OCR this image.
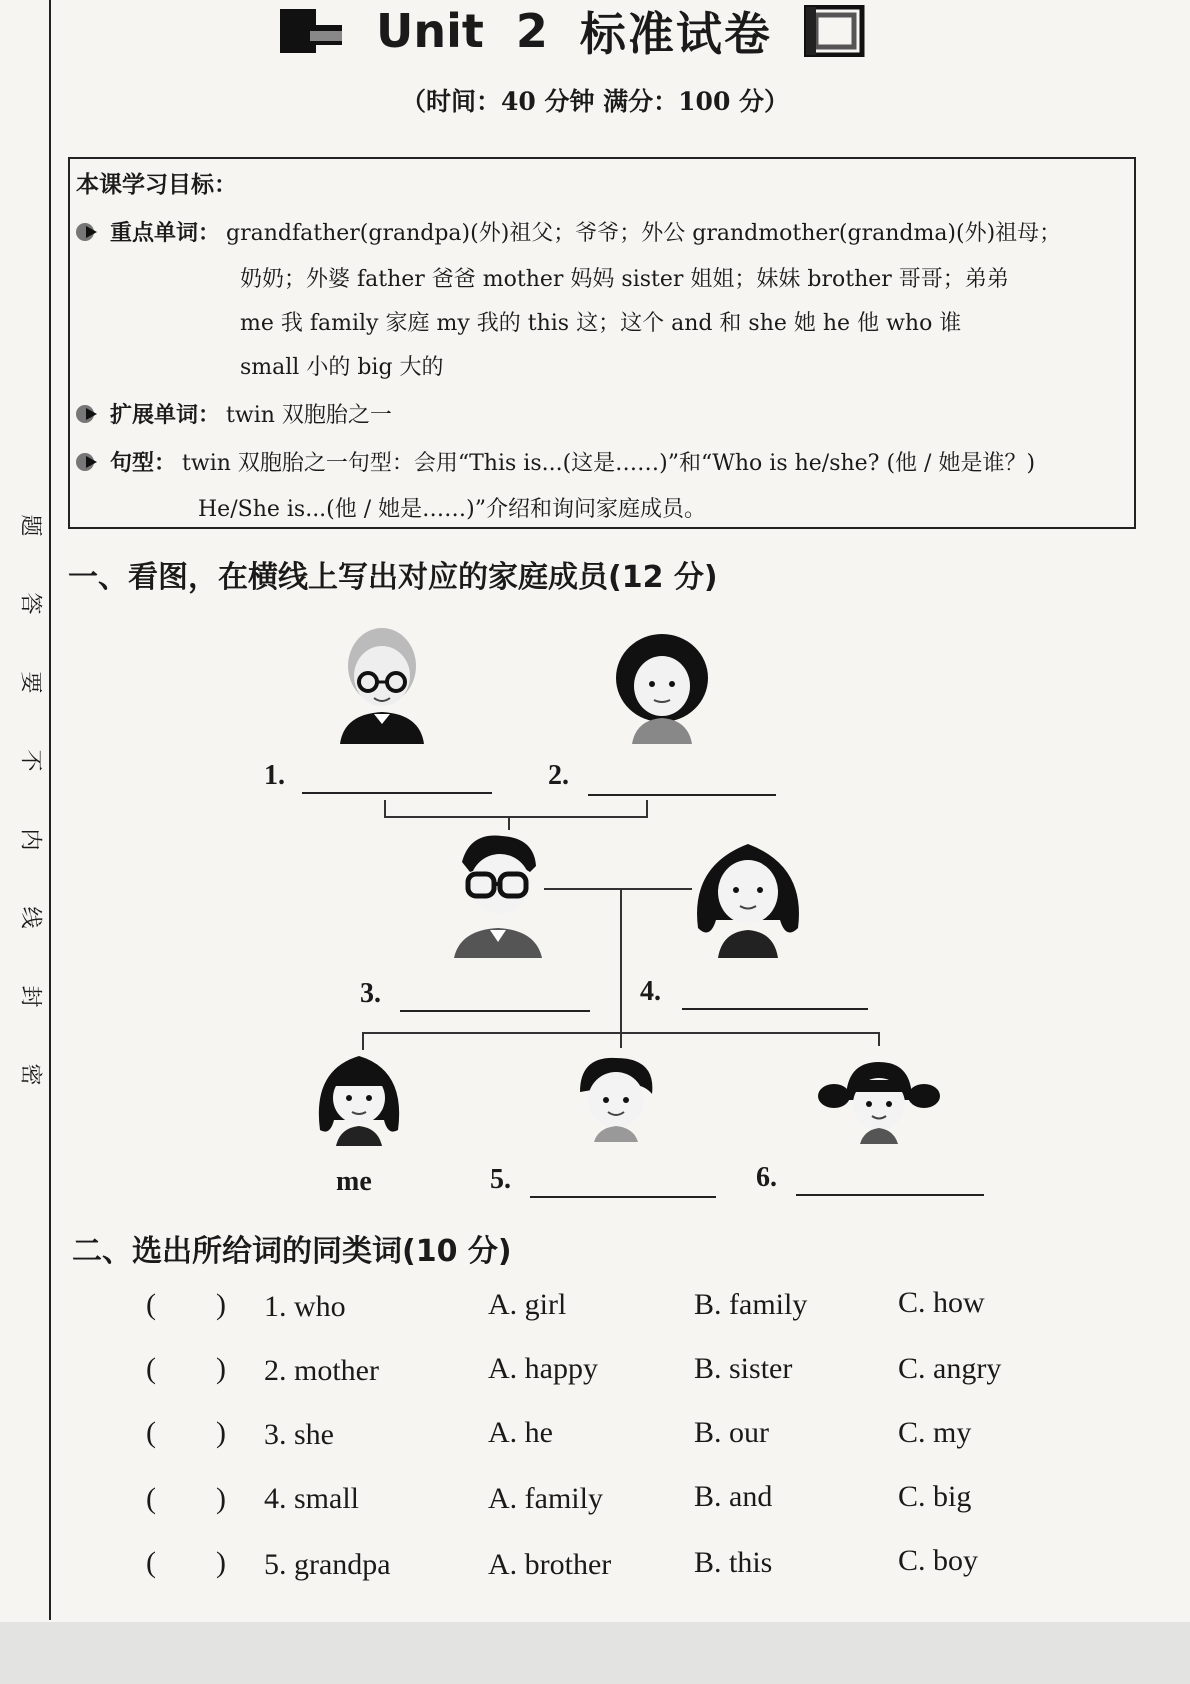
题
答
要
不
内
线
封
密
Unit  2 标准试卷
（时间：40 分钟 满分：100 分）
本课学习目标：
重点单词： grandfather(grandpa)(外)祖父；爷爷；外公 grandmother(grandma)(外)祖母；
奶奶；外婆 father 爸爸 mother 妈妈 sister 姐姐；妹妹 brother 哥哥；弟弟
me 我 family 家庭 my 我的 this 这；这个 and 和 she 她 he 他 who 谁
small 小的 big 大的
扩展单词： twin 双胞胎之一
句型： twin 双胞胎之一句型：会用“This is...(这是……)”和“Who is he/she? (他 / 她是谁？)
He/She is...(他 / 她是……)”介绍和询问家庭成员。
一、看图，在横线上写出对应的家庭成员(12 分)
1.	2.
3.	4.
me	5.	6.
二、选出所给词的同类词(10 分)
(        ) 1. who	A. girl	B. family	C. how
(        ) 2. mother	A. happy	B. sister	C. angry
(        ) 3. she	A. he	B. our	C. my
(        ) 4. small	A. family	B. and	C. big
(        ) 5. grandpa	A. brother	B. this	C. boy
